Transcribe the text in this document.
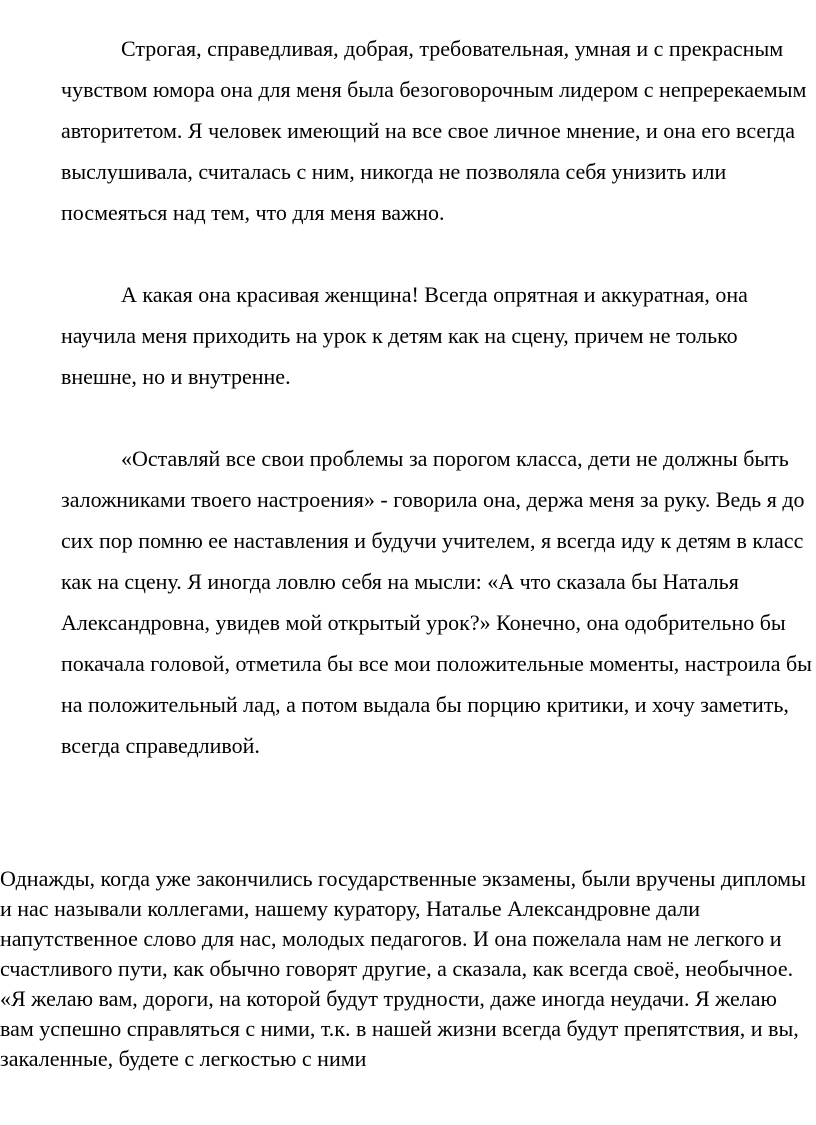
Строгая, справедливая, добрая, требовательная, умная и с прекрасным чувством юмора она для меня была безоговорочным лидером с непререкаемым авторитетом. Я человек имеющий на все свое личное мнение, и она его всегда выслушивала, считалась с ним, никогда не позволяла себя унизить или посмеяться над тем, что для меня важно.

А какая она красивая женщина! Всегда опрятная и аккуратная, она научила меня приходить на урок к детям как на сцену, причем не только внешне, но и внутренне.

«Оставляй все свои проблемы за порогом класса, дети не должны быть заложниками твоего настроения» - говорила она, держа меня за руку. Ведь я до сих пор помню ее наставления и будучи учителем, я всегда иду к детям в класс как на сцену. Я иногда ловлю себя на мысли: «А что сказала бы Наталья Александровна, увидев мой открытый урок?» Конечно, она одобрительно бы покачала головой, отметила бы все мои положительные моменты, настроила бы на положительный лад, а потом выдала бы порцию критики, и хочу заметить, всегда справедливой.

Однажды, когда уже закончились государственные экзамены, были вручены дипломы и нас называли коллегами, нашему куратору, Наталье Александровне дали напутственное слово для нас, молодых педагогов. И она пожелала нам не легкого и счастливого пути, как обычно говорят другие, а сказала, как всегда своё, необычное. «Я желаю вам, дороги, на которой будут трудности, даже иногда неудачи. Я желаю вам успешно справляться с ними, т.к. в нашей жизни всегда будут препятствия, и вы, закаленные, будете с легкостью с ними
